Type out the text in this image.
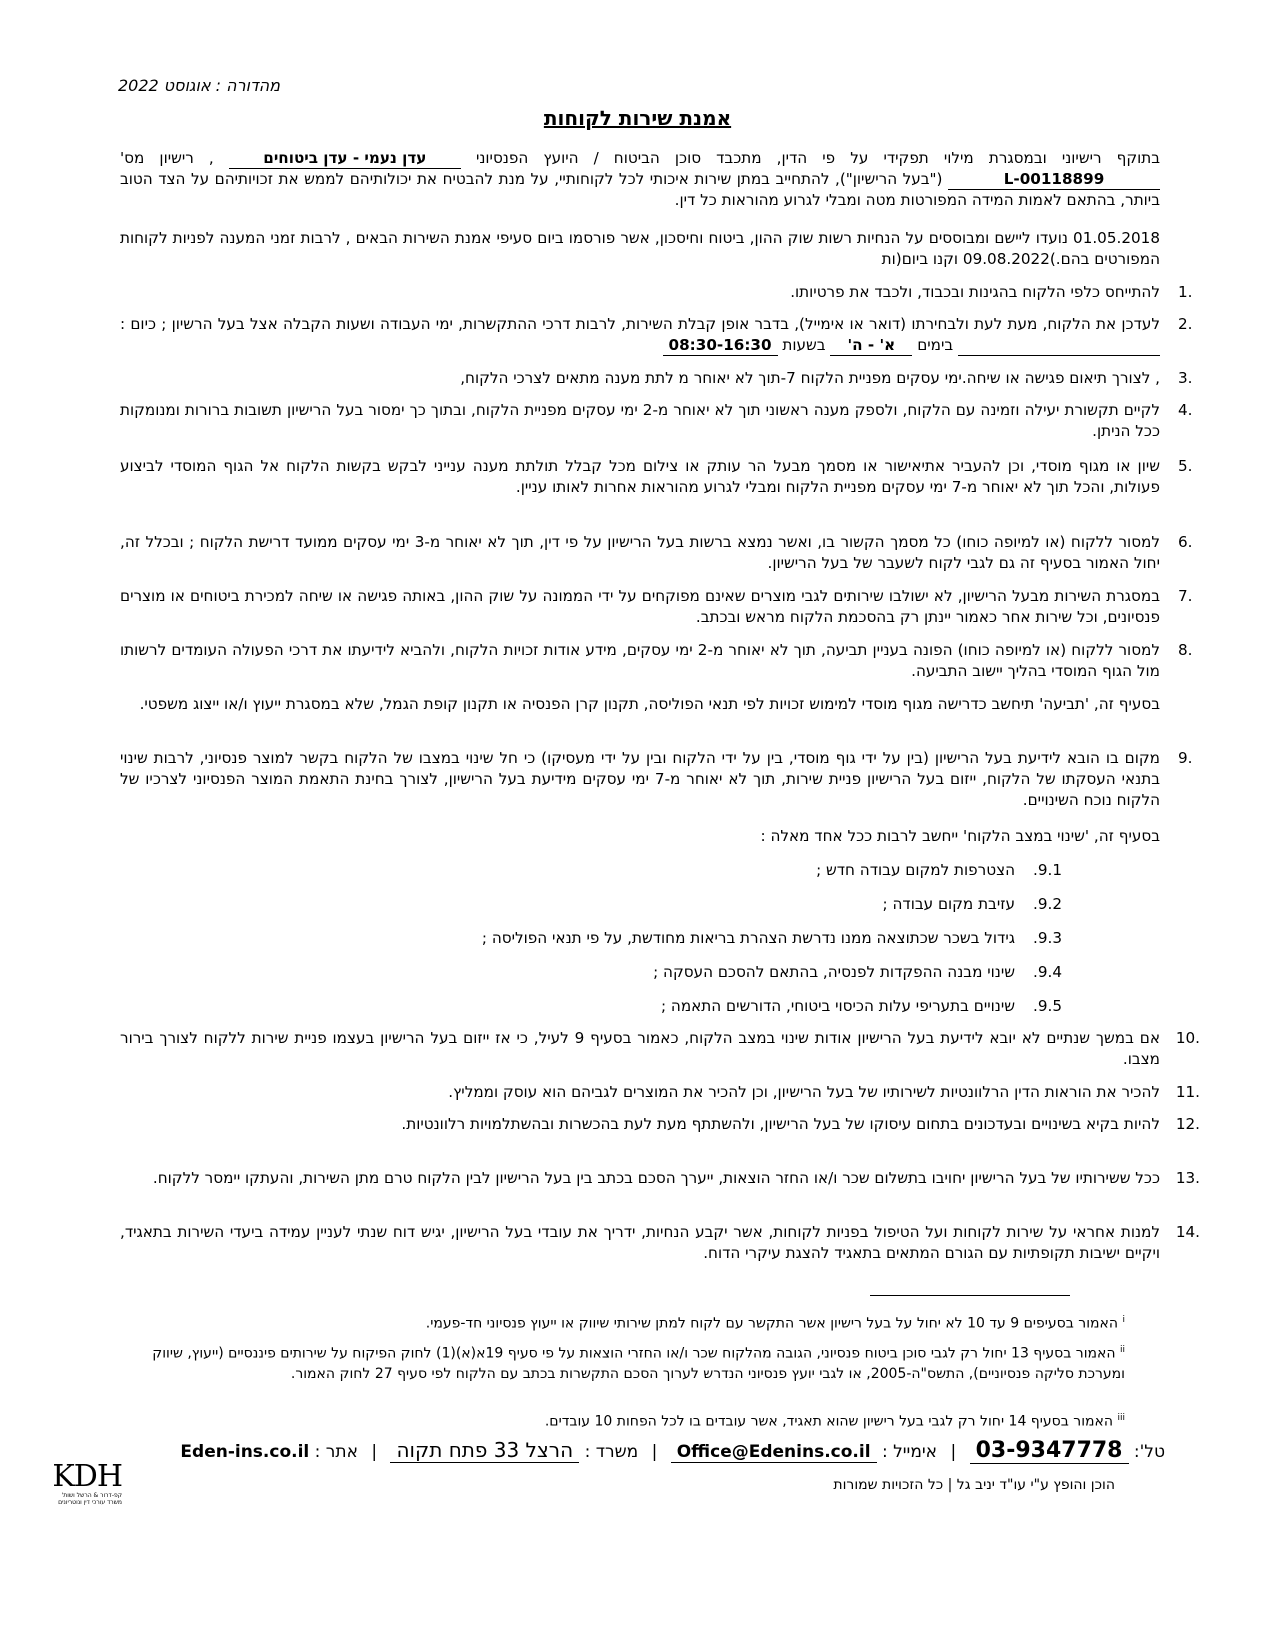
מהדורה : אוגוסט 2022
אמנת שירות לקוחות
בתוקף רישיוני ובמסגרת מילוי תפקידי על פי הדין, מתכבד סוכן הביטוח / היועץ הפנסיוני עדן נעמי - עדן ביטוחים , רישיון מס' L-00118899 ("בעל הרישיון"), להתחייב במתן שירות איכותי לכל לקוחותיי, על מנת להבטיח את יכולותיהם לממש את זכויותיהם על הצד הטוב ביותר, בהתאם לאמות המידה המפורטות מטה ומבלי לגרוע מהוראות כל דין.
01.05.2018 נועדו ליישם ומבוססים על הנחיות רשות שוק ההון, ביטוח וחיסכון, אשר פורסמו ביום סעיפי אמנת השירות הבאים , לרבות זמני המענה לפניות לקוחות המפורטים בהם.)09.08.2022 וקנו ביום(ות
.1
להתייחס כלפי הלקוח בהגינות ובכבוד, ולכבד את פרטיותו.
.2
לעדכן את הלקוח, מעת לעת ולבחירתו (דואר או אימייל), בדבר אופן קבלת השירות, לרבות דרכי ההתקשרות, ימי העבודה ושעות הקבלה אצל בעל הרשיון ; כיום :   בימים א' - ה' בשעות 08:30-16:30
.3
, לצורך תיאום פגישה או שיחה.ימי עסקים מפניית הלקוח 7-תוך לא יאוחר מ לתת מענה מתאים לצרכי הלקוח,
.4
לקיים תקשורת יעילה וזמינה עם הלקוח, ולספק מענה ראשוני תוך לא יאוחר מ-2 ימי עסקים מפניית הלקוח, ובתוך כך ימסור בעל הרישיון תשובות ברורות ומנומקות ככל הניתן.
.5
שיון או מגוף מוסדי, וכן להעביר אתיאישור או מסמך מבעל הר עותק או צילום מכל קבלל תולתת מענה ענייני לבקש בקשות הלקוח אל הגוף המוסדי לביצוע פעולות, והכל תוך לא יאוחר מ-7 ימי עסקים מפניית הלקוח ומבלי לגרוע מהוראות אחרות לאותו עניין.
.6
למסור ללקוח (או למיופה כוחו) כל מסמך הקשור בו, ואשר נמצא ברשות בעל הרישיון על פי דין, תוך לא יאוחר מ-3 ימי עסקים ממועד דרישת הלקוח ; ובכלל זה, יחול האמור בסעיף זה גם לגבי לקוח לשעבר של בעל הרישיון.
.7
במסגרת השירות מבעל הרישיון, לא ישולבו שירותים לגבי מוצרים שאינם מפוקחים על ידי הממונה על שוק ההון, באותה פגישה או שיחה למכירת ביטוחים או מוצרים פנסיונים, וכל שירות אחר כאמור יינתן רק בהסכמת הלקוח מראש ובכתב.
.8
למסור ללקוח (או למיופה כוחו) הפונה בעניין תביעה, תוך לא יאוחר מ-2 ימי עסקים, מידע אודות זכויות הלקוח, ולהביא לידיעתו את דרכי הפעולה העומדים לרשותו מול הגוף המוסדי בהליך יישוב התביעה.
בסעיף זה, 'תביעה' תיחשב כדרישה מגוף מוסדי למימוש זכויות לפי תנאי הפוליסה, תקנון קרן הפנסיה או תקנון קופת הגמל, שלא במסגרת ייעוץ ו/או ייצוג משפטי.
.9
מקום בו הובא לידיעת בעל הרישיון (בין על ידי גוף מוסדי, בין על ידי הלקוח ובין על ידי מעסיקו) כי חל שינוי במצבו של הלקוח בקשר למוצר פנסיוני, לרבות שינוי בתנאי העסקתו של הלקוח, ייזום בעל הרישיון פניית שירות, תוך לא יאוחר מ-7 ימי עסקים מידיעת בעל הרישיון, לצורך בחינת התאמת המוצר הפנסיוני לצרכיו של הלקוח נוכח השינויים.
בסעיף זה, 'שינוי במצב הלקוח' ייחשב לרבות ככל אחד מאלה :
9.1.
הצטרפות למקום עבודה חדש ;
9.2.
עזיבת מקום עבודה ;
9.3.
גידול בשכר שכתוצאה ממנו נדרשת הצהרת בריאות מחודשת, על פי תנאי הפוליסה ;
9.4.
שינוי מבנה ההפקדות לפנסיה, בהתאם להסכם העסקה ;
9.5.
שינויים בתעריפי עלות הכיסוי ביטוחי, הדורשים התאמה ;
.10
אם במשך שנתיים לא יובא לידיעת בעל הרישיון אודות שינוי במצב הלקוח, כאמור בסעיף 9 לעיל, כי אז ייזום בעל הרישיון בעצמו פניית שירות ללקוח לצורך בירור מצבו.
.11
להכיר את הוראות הדין הרלוונטיות לשירותיו של בעל הרישיון, וכן להכיר את המוצרים לגביהם הוא עוסק וממליץ.
.12
להיות בקיא בשינויים ובעדכונים בתחום עיסוקו של בעל הרישיון, ולהשתתף מעת לעת בהכשרות ובהשתלמויות רלוונטיות.
.13
ככל ששירותיו של בעל הרישיון יחויבו בתשלום שכר ו/או החזר הוצאות, ייערך הסכם בכתב בין בעל הרישיון לבין הלקוח טרם מתן השירות, והעתקו יימסר ללקוח.
.14
למנות אחראי על שירות לקוחות ועל הטיפול בפניות לקוחות, אשר יקבע הנחיות, ידריך את עובדי בעל הרישיון, יגיש דוח שנתי לעניין עמידה ביעדי השירות בתאגיד, ויקיים ישיבות תקופתיות עם הגורם המתאים בתאגיד להצגת עיקרי הדוח.
$^i$ האמור בסעיפים 9 עד 10 לא יחול על בעל רישיון אשר התקשר עם לקוח למתן שירותי שיווק או ייעוץ פנסיוני חד-פעמי.
$^{ii}$ האמור בסעיף 13 יחול רק לגבי סוכן ביטוח פנסיוני, הגובה מהלקוח שכר ו/או החזרי הוצאות על פי סעיף 19א(א)(1) לחוק הפיקוח על שירותים פיננסיים (ייעוץ, שיווק ומערכת סליקה פנסיוניים), התשס"ה-2005, או לגבי יועץ פנסיוני הנדרש לערוך הסכם התקשרות בכתב עם הלקוח לפי סעיף 27 לחוק האמור.
$^{iii}$ האמור בסעיף 14 יחול רק לגבי בעל רישיון שהוא תאגיד, אשר עובדים בו לכל הפחות 10 עובדים.
טל': 03-9347778 | אימייל : Office@Edenins.co.il | משרד : הרצל 33 פתח תקוה | אתר : Eden-ins.co.il
הוכן והופץ ע"י עו"ד יניב גל | כל הזכויות שמורות
KDH
קפ-דרור & הרשל ושות' משרד עורכי דין ונוטריונים
